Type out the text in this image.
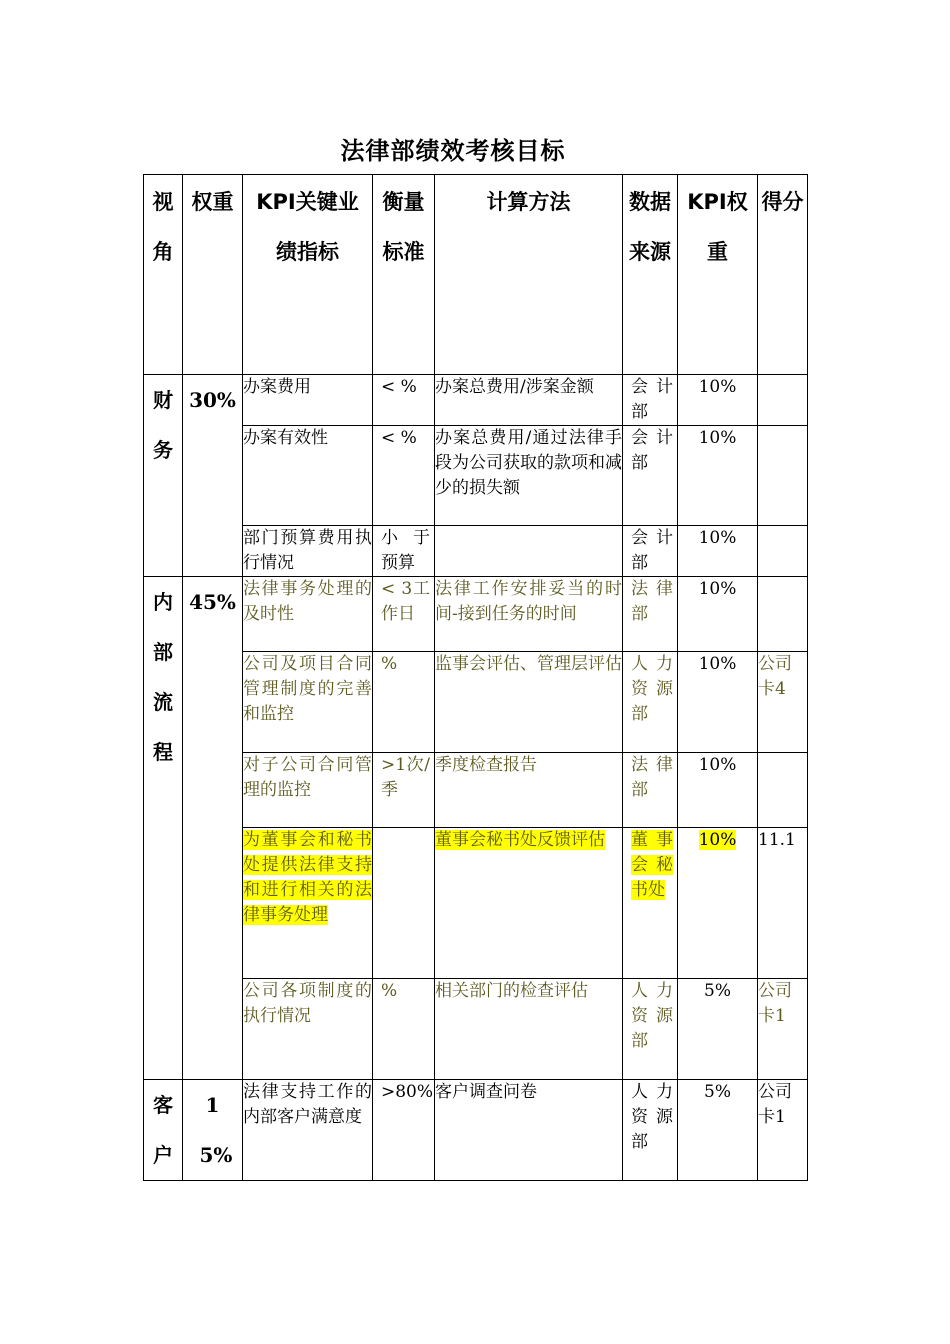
法律部绩效考核目标
视角	权重	KPI关键业绩指标	衡量标准	计算方法	数据来源	KPI权重	得分

财务	30%	办案费用	< %	办案总费用/涉案金额	会计部	10%	
		办案有效性	< %	办案总费用/通过法律手段为公司获取的款项和减少的损失额	会计部	10%	
		部门预算费用执行情况	小于预算		会计部	10%	

内部流程	45%	法律事务处理的及时性	< 3工作日	法律工作安排妥当的时间-接到任务的时间	法律部	10%	
		公司及项目合同管理制度的完善和监控	%	监事会评估、管理层评估	人力资源部	10%	公司卡4
		对子公司合同管理的监控	>1次/季	季度检查报告	法律部	10%	
		为董事会和秘书处提供法律支持和进行相关的法律事务处理		董事会秘书处反馈评估	董事会秘书处	10%	11.1
		公司各项制度的执行情况	%	相关部门的检查评估	人力资源部	5%	公司卡1

客户	15%	法律支持工作的内部客户满意度	>80%	客户调查问卷	人力资源部	5%	公司卡1
